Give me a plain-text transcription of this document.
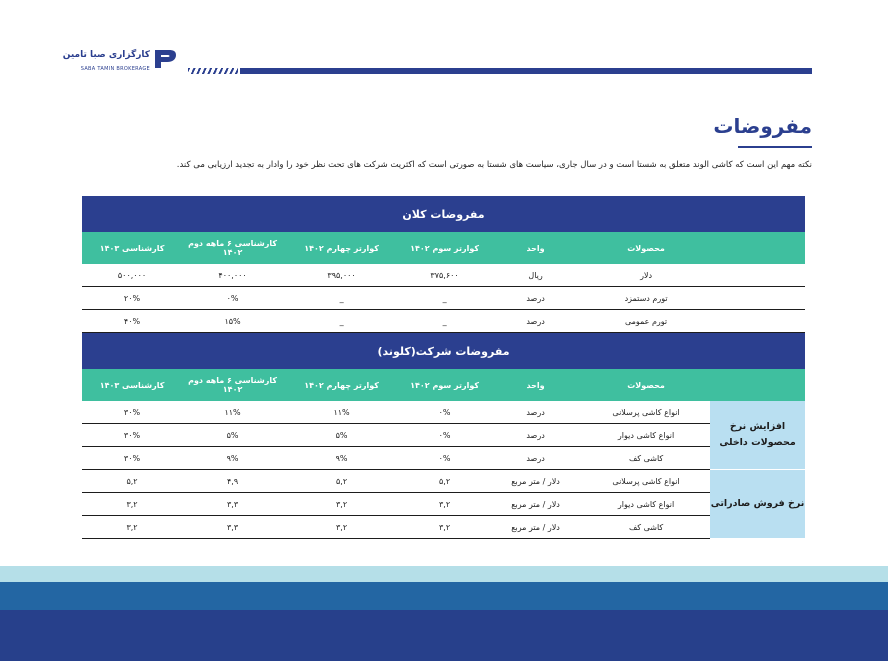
کارگزاری صبا تامین
SABA TAMIN BROKERAGE
مفروضات
نکته مهم این است که کاشی الوند متعلق به شستا است و در سال جاری، سیاست های شستا به صورتی است که اکثریت شرکت های تحت نظر خود را وادار به تجدید ارزیابی می کند.
مفروضات کلان						
	محصولات	واحد	کوارتر سوم ۱۴۰۲	کوارتر چهارم ۱۴۰۲	کارشناسی ۶ ماهه دوم ۱۴۰۲	کارشناسی ۱۴۰۳
	دلار	ریال	۳۷۵,۶۰۰	۳۹۵,۰۰۰	۴۰۰,۰۰۰	۵۰۰,۰۰۰
	تورم دستمزد	درصد	_	_	۰%	۲۰%
	تورم عمومی	درصد	_	_	۱۵%	۴۰%
مفروضات شرکت(کلوند)						
	محصولات	واحد	کوارتر سوم ۱۴۰۲	کوارتر چهارم ۱۴۰۲	کارشناسی ۶ ماهه دوم ۱۴۰۲	کارشناسی ۱۴۰۳
افزایش نرخ محصولات داخلی	انواع کاشی پرسلانی	درصد	۰%	۱۱%	۱۱%	۳۰%
	انواع کاشی دیوار	درصد	۰%	۵%	۵%	۳۰%
	کاشی کف	درصد	۰%	۹%	۹%	۳۰%
نرخ فروش صادراتی	انواع کاشی پرسلانی	دلار / متر مربع	۵,۲	۵,۲	۴,۹	۵,۲
	انواع کاشی دیوار	دلار / متر مربع	۳,۲	۳,۲	۳,۳	۳,۲
	کاشی کف	دلار / متر مربع	۳,۲	۳,۲	۳,۳	۳,۲
